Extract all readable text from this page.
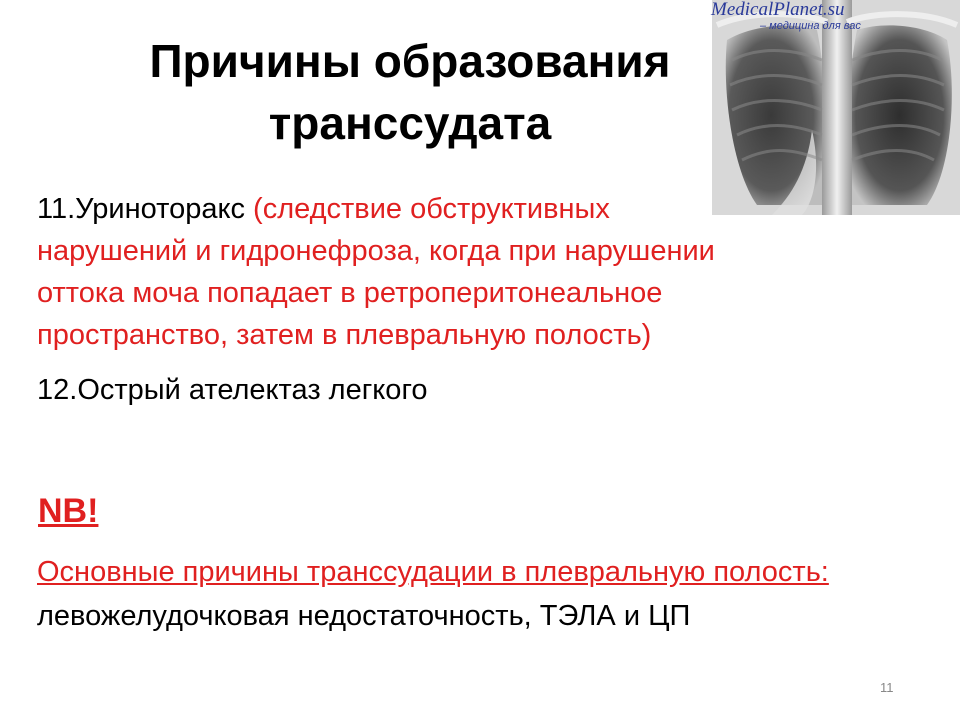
Причины образования
транссудата
MedicalPlanet.su
– медицина для вас

11.Уриноторакс (следствие обструктивных
нарушений и гидронефроза, когда при нарушении
оттока моча попадает в ретроперитонеальное
пространство, затем в плевральную полость)

12.Острый ателектаз легкого
NB!
Основные причины транссудации в плевральную полость: левожелудочковая недостаточность, ТЭЛА и ЦП
11
